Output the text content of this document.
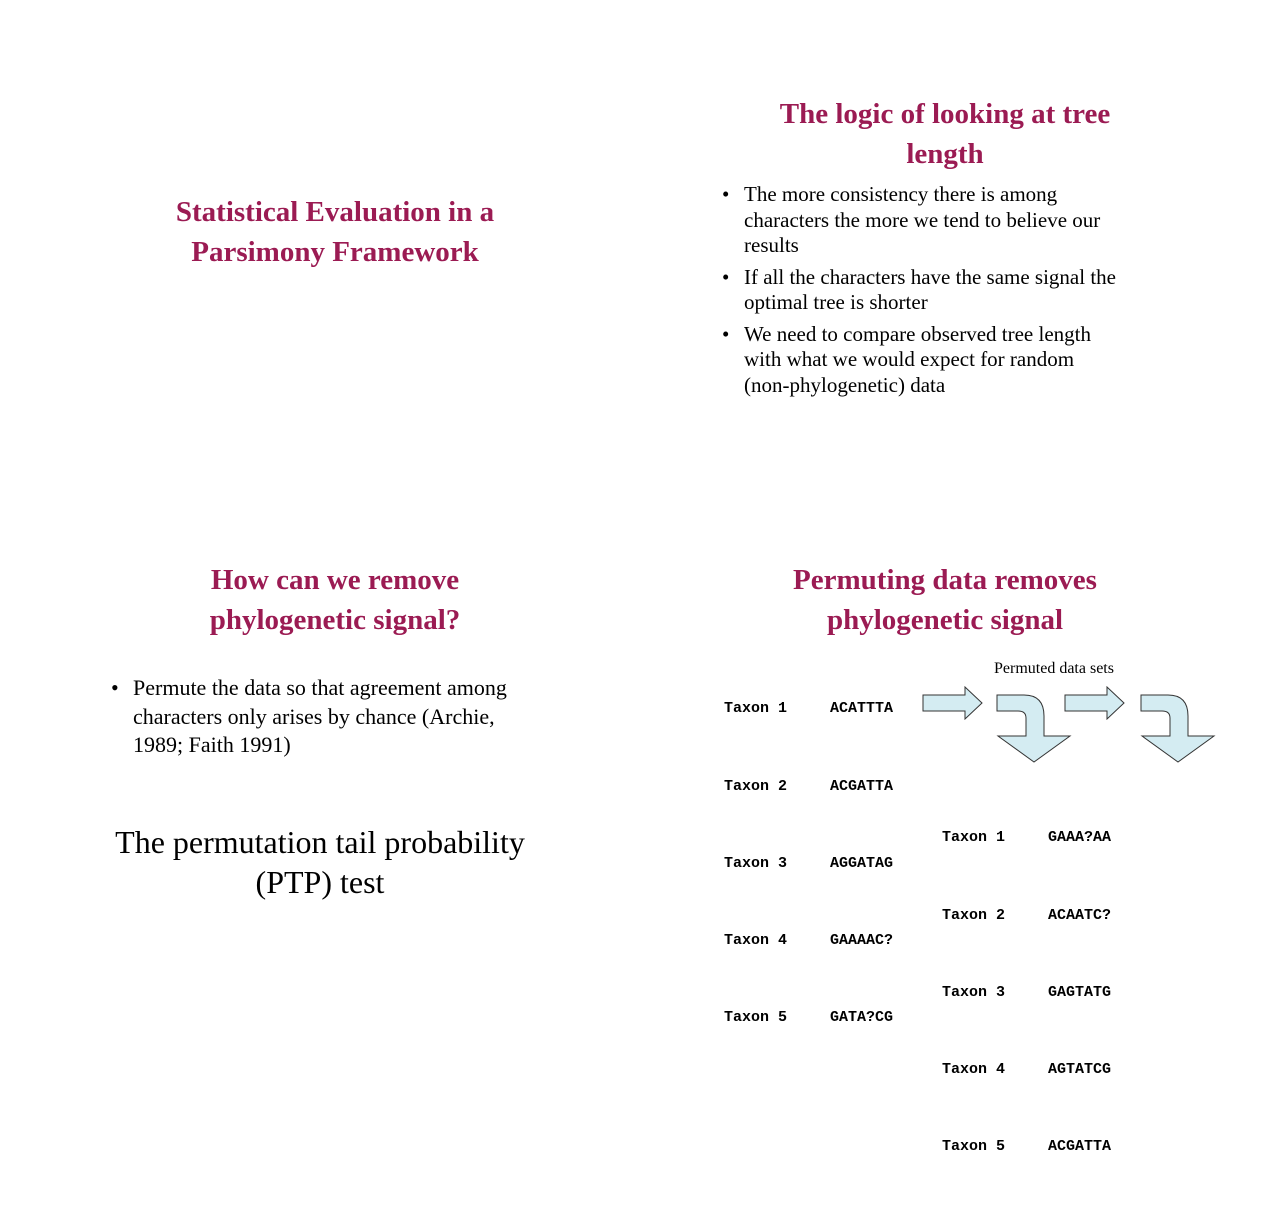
Statistical Evaluation in a
Parsimony Framework
The logic of looking at tree
length
• The more consistency there is among
characters the more we tend to believe our
results
• If all the characters have the same signal the
optimal tree is shorter
• We need to compare observed tree length
with what we would expect for random
(non-phylogenetic) data
How can we remove
phylogenetic signal?
• Permute the data so that agreement among
characters only arises by chance (Archie,
1989; Faith 1991)

The permutation tail probability
(PTP) test

Permuting data removes
phylogenetic signal

Taxon 1	ACATTTA

Taxon 2	ACGATTA

Taxon 3	AGGATAG

Taxon 4	GAAAAC?

Taxon 5	GATA?CG

Permuted data sets

Taxon 1	GAAA?AA

Taxon 2	ACAATC?

Taxon 3	GAGTATG

Taxon 4	AGTATCG

Taxon 5	ACGATTA
